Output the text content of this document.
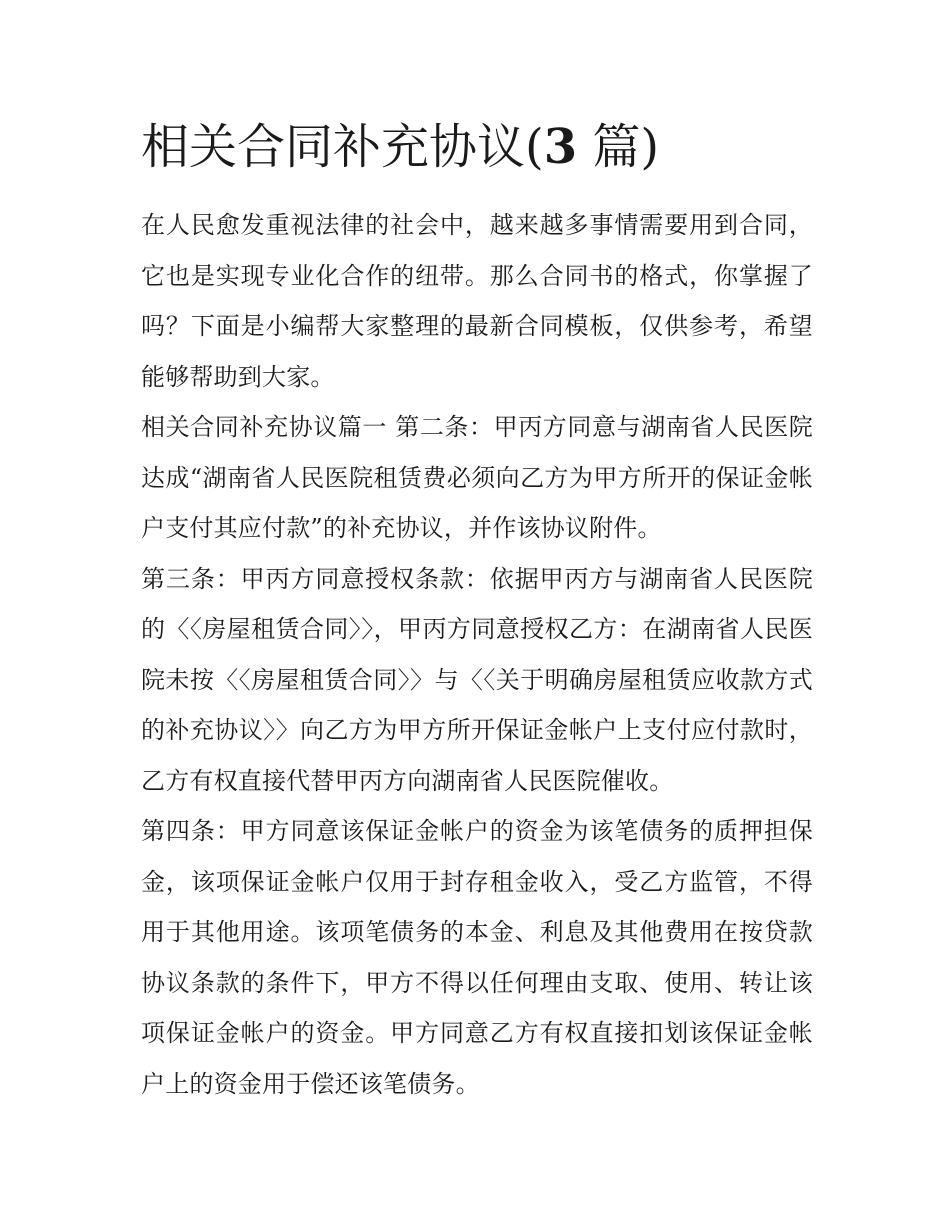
相关合同补充协议(3 篇)

在人民愈发重视法律的社会中，越来越多事情需要用到合同，它也是实现专业化合作的纽带。那么合同书的格式，你掌握了吗？下面是小编帮大家整理的最新合同模板，仅供参考，希望能够帮助到大家。

相关合同补充协议篇一 第二条：甲丙方同意与湖南省人民医院达成“湖南省人民医院租赁费必须向乙方为甲方所开的保证金帐户支付其应付款”的补充协议，并作该协议附件。

第三条：甲丙方同意授权条款：依据甲丙方与湖南省人民医院的〈〈房屋租赁合同〉〉，甲丙方同意授权乙方：在湖南省人民医院未按〈〈房屋租赁合同〉〉与〈〈关于明确房屋租赁应收款方式的补充协议〉〉向乙方为甲方所开保证金帐户上支付应付款时，乙方有权直接代替甲丙方向湖南省人民医院催收。

第四条：甲方同意该保证金帐户的资金为该笔债务的质押担保金，该项保证金帐户仅用于封存租金收入，受乙方监管，不得用于其他用途。该项笔债务的本金、利息及其他费用在按贷款协议条款的条件下，甲方不得以任何理由支取、使用、转让该项保证金帐户的资金。甲方同意乙方有权直接扣划该保证金帐户上的资金用于偿还该笔债务。
